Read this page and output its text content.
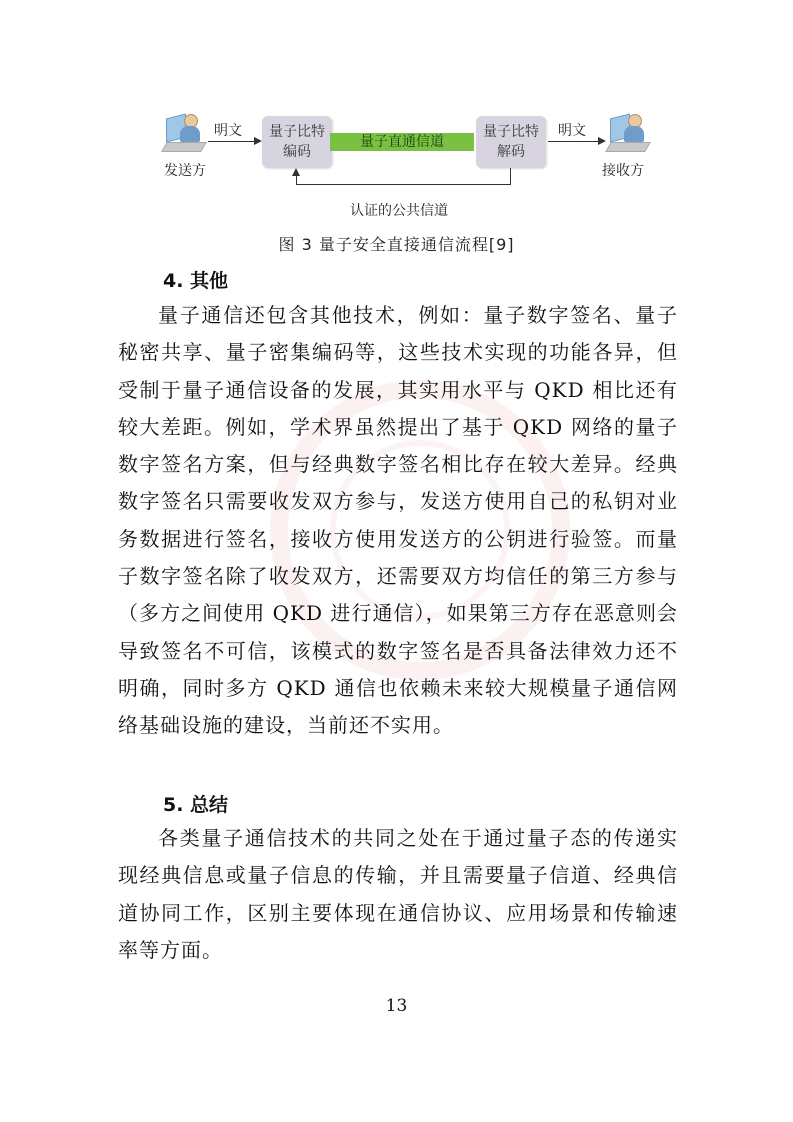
发送方
明文 量子比特
编码
量子直通信道
量子比特
解码
明文
接收方
认证的公共信道
图 3 量子安全直接通信流程[9]
4. 其他
量子通信还包含其他技术，例如：量子数字签名、量子秘密共享、量子密集编码等，这些技术实现的功能各异，但受制于量子通信设备的发展，其实用水平与 QKD 相比还有较大差距。例如，学术界虽然提出了基于 QKD 网络的量子数字签名方案，但与经典数字签名相比存在较大差异。经典数字签名只需要收发双方参与，发送方使用自己的私钥对业务数据进行签名，接收方使用发送方的公钥进行验签。而量子数字签名除了收发双方，还需要双方均信任的第三方参与（多方之间使用 QKD 进行通信），如果第三方存在恶意则会导致签名不可信，该模式的数字签名是否具备法律效力还不明确，同时多方 QKD 通信也依赖未来较大规模量子通信网络基础设施的建设，当前还不实用。
5. 总结
各类量子通信技术的共同之处在于通过量子态的传递实现经典信息或量子信息的传输，并且需要量子信道、经典信道协同工作，区别主要体现在通信协议、应用场景和传输速率等方面。
13
